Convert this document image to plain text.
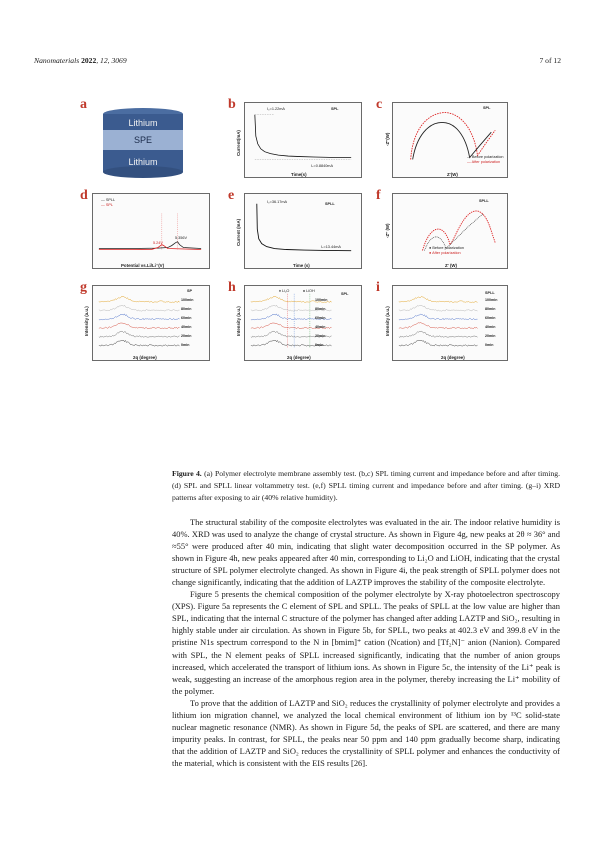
Nanomaterials 2022, 12, 3069	7 of 12
a
Lithium
SPE
Lithium
b	I₀=1.22mA	SPL
Iₛ=0.8840mA
Time(s)
Current(mA)
c	SPL
— Before polarization
— After polarization
Z'(W)
-Z''(W)
d	— SPLL
— SPL
5.356V
5.24V
Potential vs.Li/Li⁺(V)
e	I₀=36.17mA	SPLL
Iₛ=13.44mA
Time (s)
Current (mA)
f	SPLL
● Before polarization
● After polarization
Z' (W)
-Z'' (W)
g	SP
100min
80min
60min
40min
20min
0min
2q (degree)
Intensity (a.u.)
h	♦ Li₂O	♠ LiOH
SPL
100min
80min
60min
40min
20min
0min
2q (degree)
Intensity (a.u.)
i	SPLL
100min
80min
60min
40min
20min
0min
2q (degree)
Intensity (a.u.)
Figure 4. (a) Polymer electrolyte membrane assembly test. (b,c) SPL timing current and impedance before and after timing. (d) SPL and SPLL linear voltammetry test. (e,f) SPLL timing current and impedance before and after timing. (g–i) XRD patterns after exposing to air (40% relative humidity).

The structural stability of the composite electrolytes was evaluated in the air. The indoor relative humidity is 40%. XRD was used to analyze the change of crystal structure. As shown in Figure 4g, new peaks at 2θ ≈ 36° and ≈55° were produced after 40 min, indicating that slight water decomposition occurred in the SP polymer. As shown in Figure 4h, new peaks appeared after 40 min, corresponding to Li₂O and LiOH, indicating that the crystal structure of SPL polymer electrolyte changed. As shown in Figure 4i, the peak strength of SPLL polymer does not change significantly, indicating that the addition of LAZTP improves the stability of the composite electrolyte.

Figure 5 presents the chemical composition of the polymer electrolyte by X-ray photoelectron spectroscopy (XPS). Figure 5a represents the C element of SPL and SPLL. The peaks of SPLL at the low value are higher than SPL, indicating that the internal C structure of the polymer has changed after adding LAZTP and SiO₂, resulting in highly stable under air circulation. As shown in Figure 5b, for SPLL, two peaks at 402.3 eV and 399.8 eV in the pristine N1s spectrum correspond to the N in [bmim]⁺ cation (Ncation) and [Tf₂N]⁻ anion (Nanion). Compared with SPL, the N element peaks of SPLL increased significantly, indicating that the number of anion groups increased, which accelerated the transport of lithium ions. As shown in Figure 5c, the intensity of the Li⁺ peak is weak, suggesting an increase of the amorphous region area in the polymer, thereby increasing the Li⁺ mobility of the polymer.

To prove that the addition of LAZTP and SiO₂ reduces the crystallinity of polymer electrolyte and provides a lithium ion migration channel, we analyzed the local chemical environment of lithium ion by ¹³C solid-state nuclear magnetic resonance (NMR). As shown in Figure 5d, the peaks of SPL are scattered, and there are many impurity peaks. In contrast, for SPLL, the peaks near 50 ppm and 140 ppm gradually become sharp, indicating that the addition of LAZTP and SiO₂ reduces the crystallinity of SPLL polymer and enhances the conductivity of the material, which is consistent with the EIS results [26].
